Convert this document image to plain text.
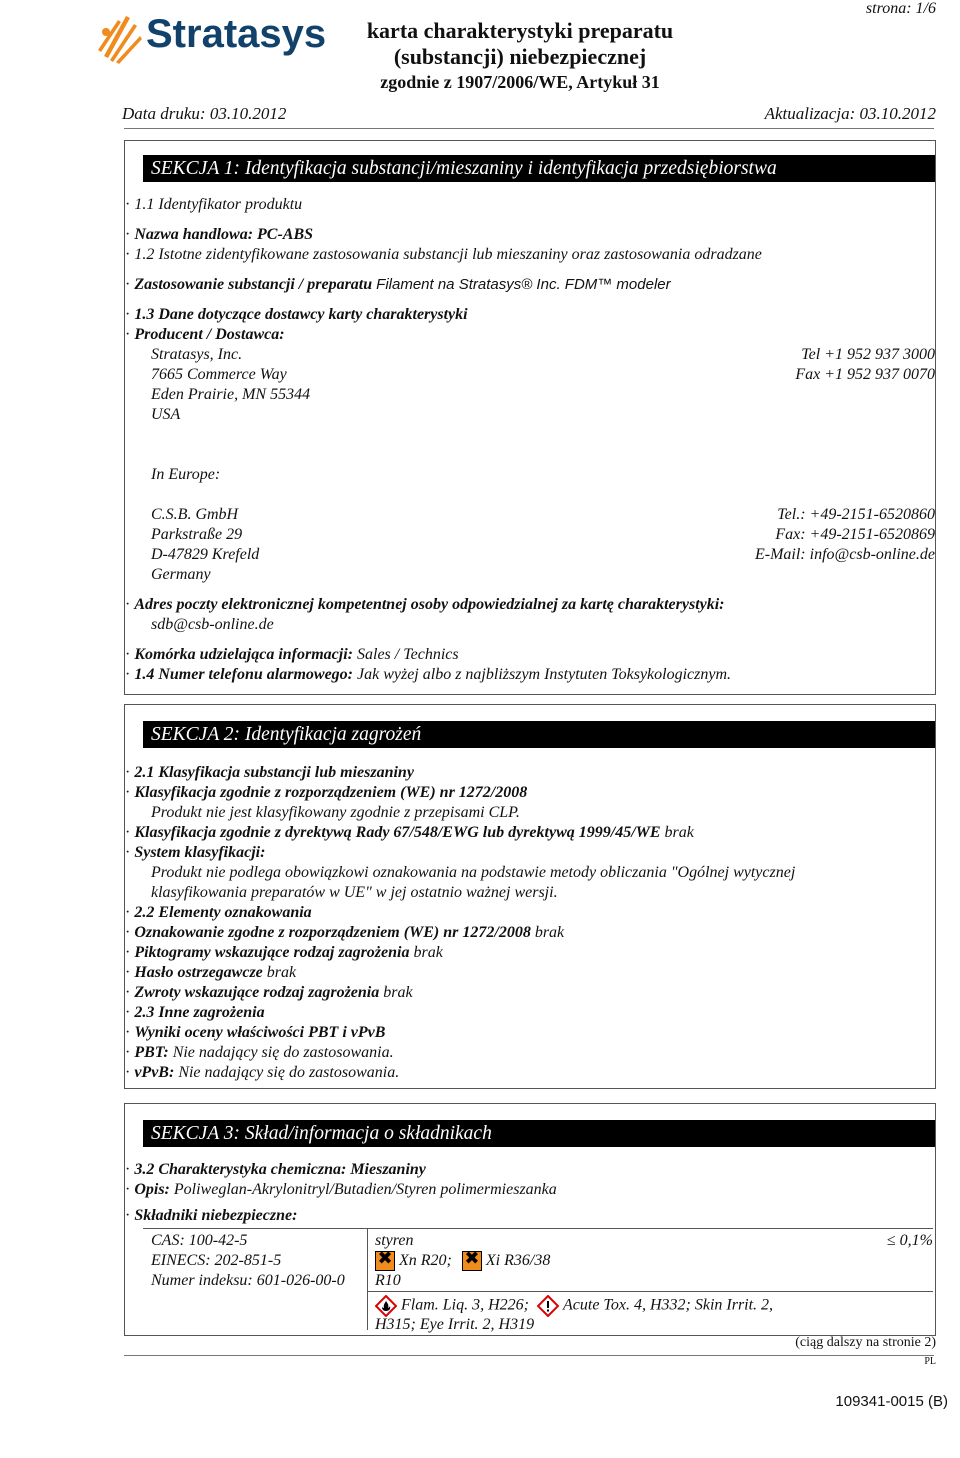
Stratasys	karta charakterystyki preparatu
(substancji) niebezpiecznej
zgodnie z 1907/2006/WE, Artykuł 31
strona: 1/6
Data druku: 03.10.2012	Aktualizacja: 03.10.2012
SEKCJA 1: Identyfikacja substancji/mieszaniny i identyfikacja przedsiębiorstwa
· 1.1 Identyfikator produktu
· Nazwa handlowa: PC-ABS
· 1.2 Istotne zidentyfikowane zastosowania substancji lub mieszaniny oraz zastosowania odradzane
· Zastosowanie substancji / preparatu Filament na Stratasys® Inc. FDM™ modeler
· 1.3 Dane dotyczące dostawcy karty charakterystyki
· Producent / Dostawca:
Stratasys, Inc.
7665 Commerce Way
Eden Prairie, MN 55344
USA
Tel +1 952 937 3000
Fax +1 952 937 0070
In Europe:
C.S.B. GmbH
Parkstraße 29
D-47829 Krefeld
Germany
Tel.: +49-2151-6520860
Fax: +49-2151-6520869
E-Mail: info@csb-online.de
· Adres poczty elektronicznej kompetentnej osoby odpowiedzialnej za kartę charakterystyki:
sdb@csb-online.de
· Komórka udzielająca informacji: Sales / Technics
· 1.4 Numer telefonu alarmowego: Jak wyżej albo z najbliższym Instytuten Toksykologicznym.
SEKCJA 2: Identyfikacja zagrożeń
· 2.1 Klasyfikacja substancji lub mieszaniny
· Klasyfikacja zgodnie z rozporządzeniem (WE) nr 1272/2008
Produkt nie jest klasyfikowany zgodnie z przepisami CLP.
· Klasyfikacja zgodnie z dyrektywą Rady 67/548/EWG lub dyrektywą 1999/45/WE brak
· System klasyfikacji:
Produkt nie podlega obowiązkowi oznakowania na podstawie metody obliczania "Ogólnej wytycznej
klasyfikowania preparatów w UE" w jej ostatnio ważnej wersji.
· 2.2 Elementy oznakowania
· Oznakowanie zgodne z rozporządzeniem (WE) nr 1272/2008 brak
· Piktogramy wskazujące rodzaj zagrożenia brak
· Hasło ostrzegawcze brak
· Zwroty wskazujące rodzaj zagrożenia brak
· 2.3 Inne zagrożenia
· Wyniki oceny właściwości PBT i vPvB
· PBT: Nie nadający się do zastosowania.
· vPvB: Nie nadający się do zastosowania.
SEKCJA 3: Skład/informacja o składnikach
· 3.2 Charakterystyka chemiczna: Mieszaniny
· Opis: Poliweglan-Akrylonitryl/Butadien/Styren polimermieszanka
· Składniki niebezpieczne:
CAS: 100-42-5
EINECS: 202-851-5
Numer indeksu: 601-026-00-0
styren
✖ Xn R20; ✖ Xi R36/38
R10
Flam. Liq. 3, H226; Acute Tox. 4, H332; Skin Irrit. 2,
H315; Eye Irrit. 2, H319
≤ 0,1%
(ciąg dalszy na stronie 2)
PL
109341-0015 (B)
